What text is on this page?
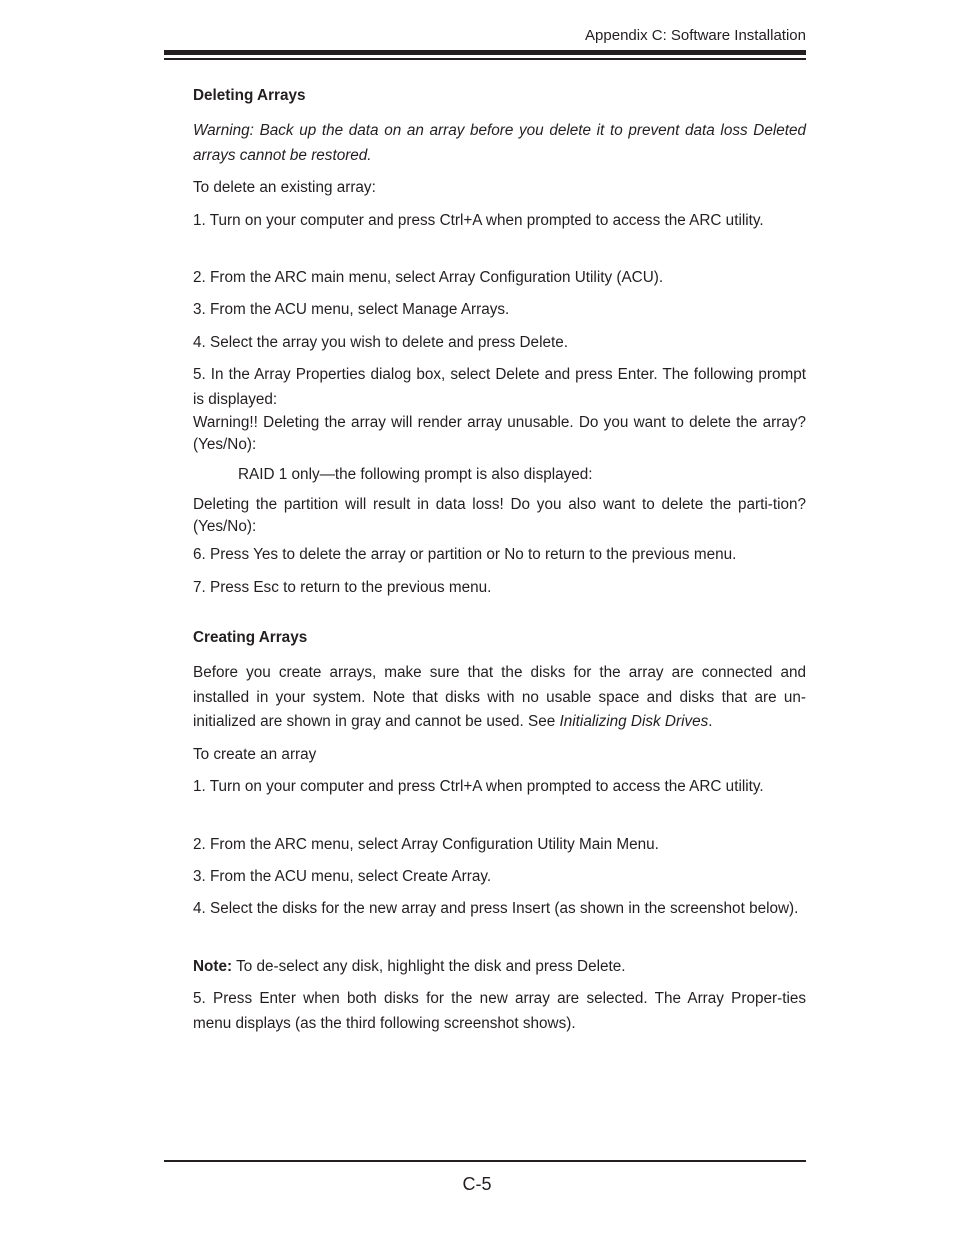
Appendix C: Software Installation
Deleting Arrays

Warning: Back up the data on an array before you delete it to prevent data loss Deleted arrays cannot be restored.

To delete an existing array:

1. Turn on your computer and press Ctrl+A when prompted to access the ARC utility.

2. From the ARC main menu, select Array Configuration Utility (ACU).

3. From the ACU menu, select Manage Arrays.

4. Select the array you wish to delete and press Delete.

5. In the Array Properties dialog box, select Delete and press Enter. The following prompt is displayed:

Warning!! Deleting the array will render array unusable. Do you want to delete the array?(Yes/No):

RAID 1 only—the following prompt is also displayed:

Deleting the partition will result in data loss! Do you also want to delete the parti-tion? (Yes/No):

6. Press Yes to delete the array or partition or No to return to the previous menu.

7. Press Esc to return to the previous menu.

Creating Arrays

Before you create arrays, make sure that the disks for the array are connected and installed in your system. Note that disks with no usable space and disks that are un-initialized are shown in gray and cannot be used. See Initializing Disk Drives.

To create an array

1. Turn on your computer and press Ctrl+A when prompted to access the ARC utility.

2. From the ARC menu, select Array Configuration Utility Main Menu.

3. From the ACU menu, select Create Array.

4. Select the disks for the new array and press Insert (as shown in the screenshot below).

Note: To de-select any disk, highlight the disk and press Delete.

5. Press Enter when both disks for the new array are selected. The Array Proper-ties menu displays (as the third following screenshot shows).

C-5
